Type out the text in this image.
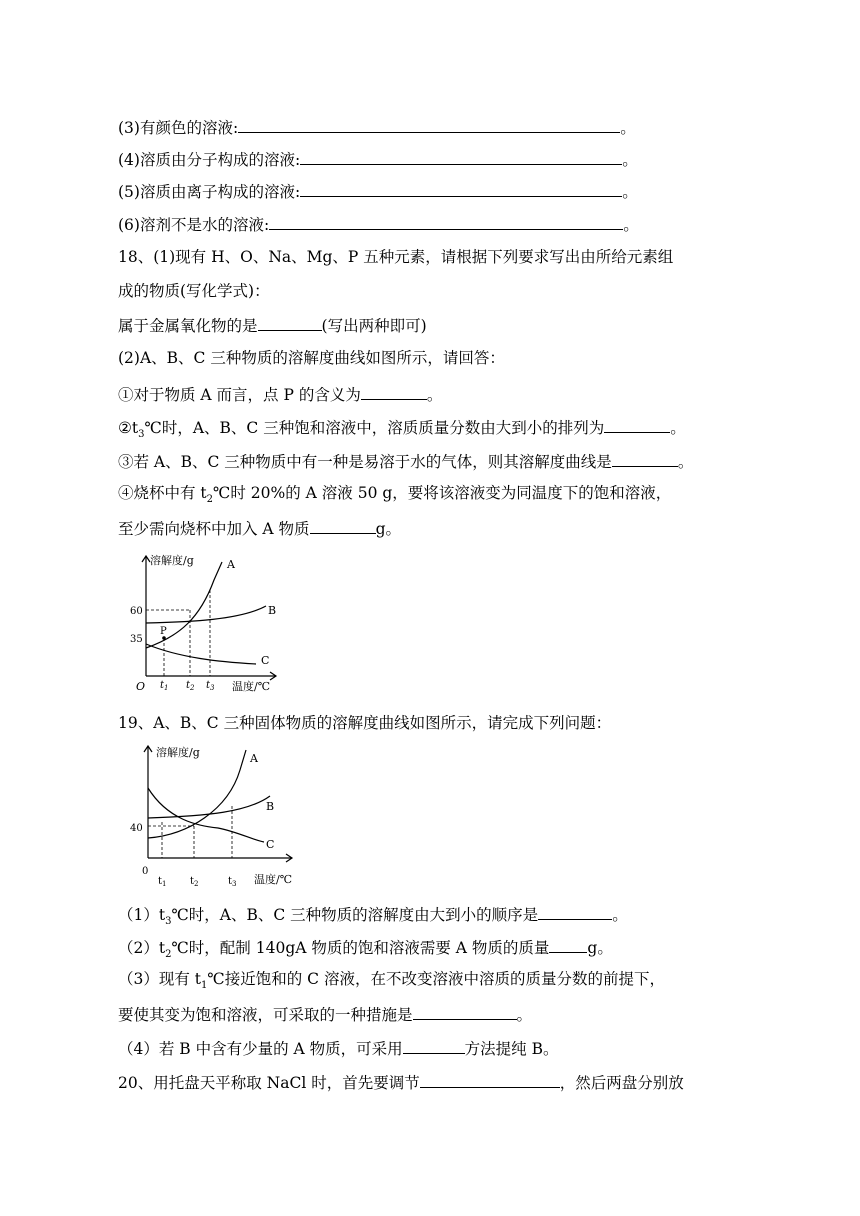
(3)有颜色的溶液:	。
(4)溶质由分子构成的溶液:	。
(5)溶质由离子构成的溶液:	。
(6)溶剂不是水的溶液:	。
18、(1)现有 H、O、Na、Mg、P 五种元素，请根据下列要求写出由所给元素组
成的物质(写化学式)：
属于金属氧化物的是	(写出两种即可)
(2)A、B、C 三种物质的溶解度曲线如图所示，请回答：
①对于物质 A 而言，点 P 的含义为	。
$②t_3℃$时，A、B、C 三种饱和溶液中，溶质质量分数由大到小的排列为	。
③若 A、B、C 三种物质中有一种是易溶于水的气体，则其溶解度曲线是	。
④烧杯中有 $t_2℃$时 20%的 A 溶液 50 g，要将该溶液变为同温度下的饱和溶液，
至少需向烧杯中加入 A 物质	g。
溶解度/g
60
35
O
P
$t_1$ $t_2$ $t_3$ 温度/℃
A
B
C
19、A、B、C 三种固体物质的溶解度曲线如图所示，请完成下列问题：
溶解度/g
40
0
$t_1$ $t_2$	$t_3$ 温度/℃
A
B
C
$(1)t_3℃$时，A、B、C 三种物质的溶解度由大到小的顺序是	。
$(2)t_2℃$时，配制 140gA 物质的饱和溶液需要 A 物质的质量 g。
（3）现有 $t_1℃$接近饱和的 C 溶液，在不改变溶液中溶质的质量分数的前提下，
要使其变为饱和溶液，可采取的一种措施是	。
（4）若 B 中含有少量的 A 物质，可采用	方法提纯 B。
20、用托盘天平称取 NaCl 时，首先要调节	，然后两盘分别放
